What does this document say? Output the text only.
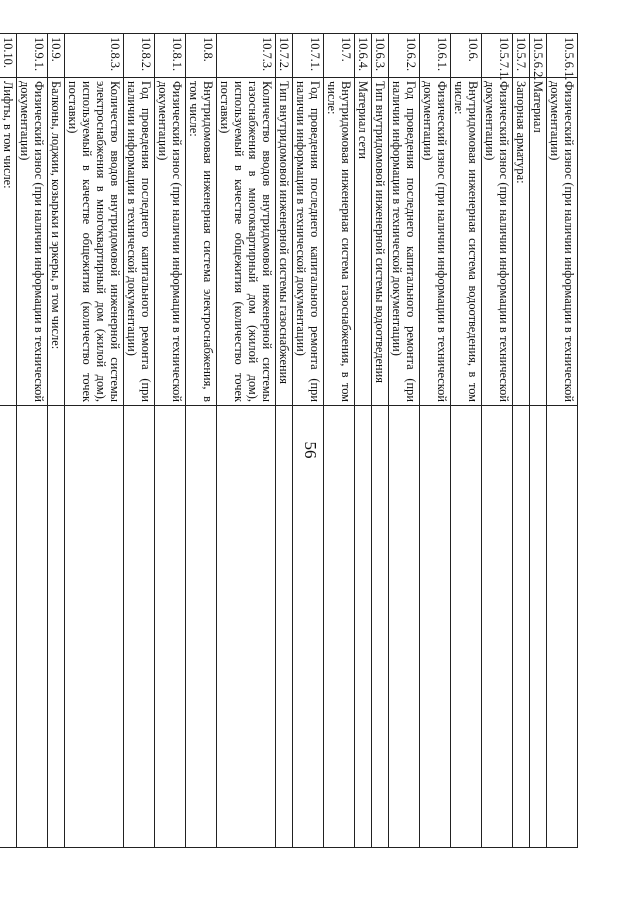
56
10.5.6.1.	Физический износ (при наличии информации в технической документации)	
10.5.6.2.	Материал	
10.5.7.	Запорная арматура:	
10.5.7.1.	Физический износ (при наличии информации в технической документации)	
10.6.	Внутридомовая инженерная система водоотведения, в том числе:	
10.6.1.	Физический износ (при наличии информации в технической документации)	
10.6.2.	Год проведения последнего капитального ремонта (при наличии информации в технической документации)	
10.6.3.	Тип внутридомовой инженерной системы водоотведения	
10.6.4.	Материал сети	
10.7.	Внутридомовая инженерная система газоснабжения, в том числе:	
10.7.1.	Год проведения последнего капитального ремонта (при наличии информации в технической документации)	
10.7.2.	Тип внутридомовой инженерной системы газоснабжения	
10.7.3.	Количество вводов внутридомовой инженерной системы газоснабжения в многоквартирный дом (жилой дом), используемый в качестве общежития (количество точек поставки)	
10.8.	Внутридомовая инженерная система электроснабжения, в том числе:	
10.8.1.	Физический износ (при наличии информации в технической документации)	
10.8.2.	Год проведения последнего капитального ремонта (при наличии информации в технической документации)	
10.8.3.	Количество вводов внутридомовой инженерной системы электроснабжения в многоквартирный дом (жилой дом), используемый в качестве общежития (количество точек поставки)	
10.9.	Балконы, лоджии, козырьки и эркеры, в том числе:	
10.9.1.	Физический износ (при наличии информации в технической документации)	
10.10.	Лифты, в том числе:	
